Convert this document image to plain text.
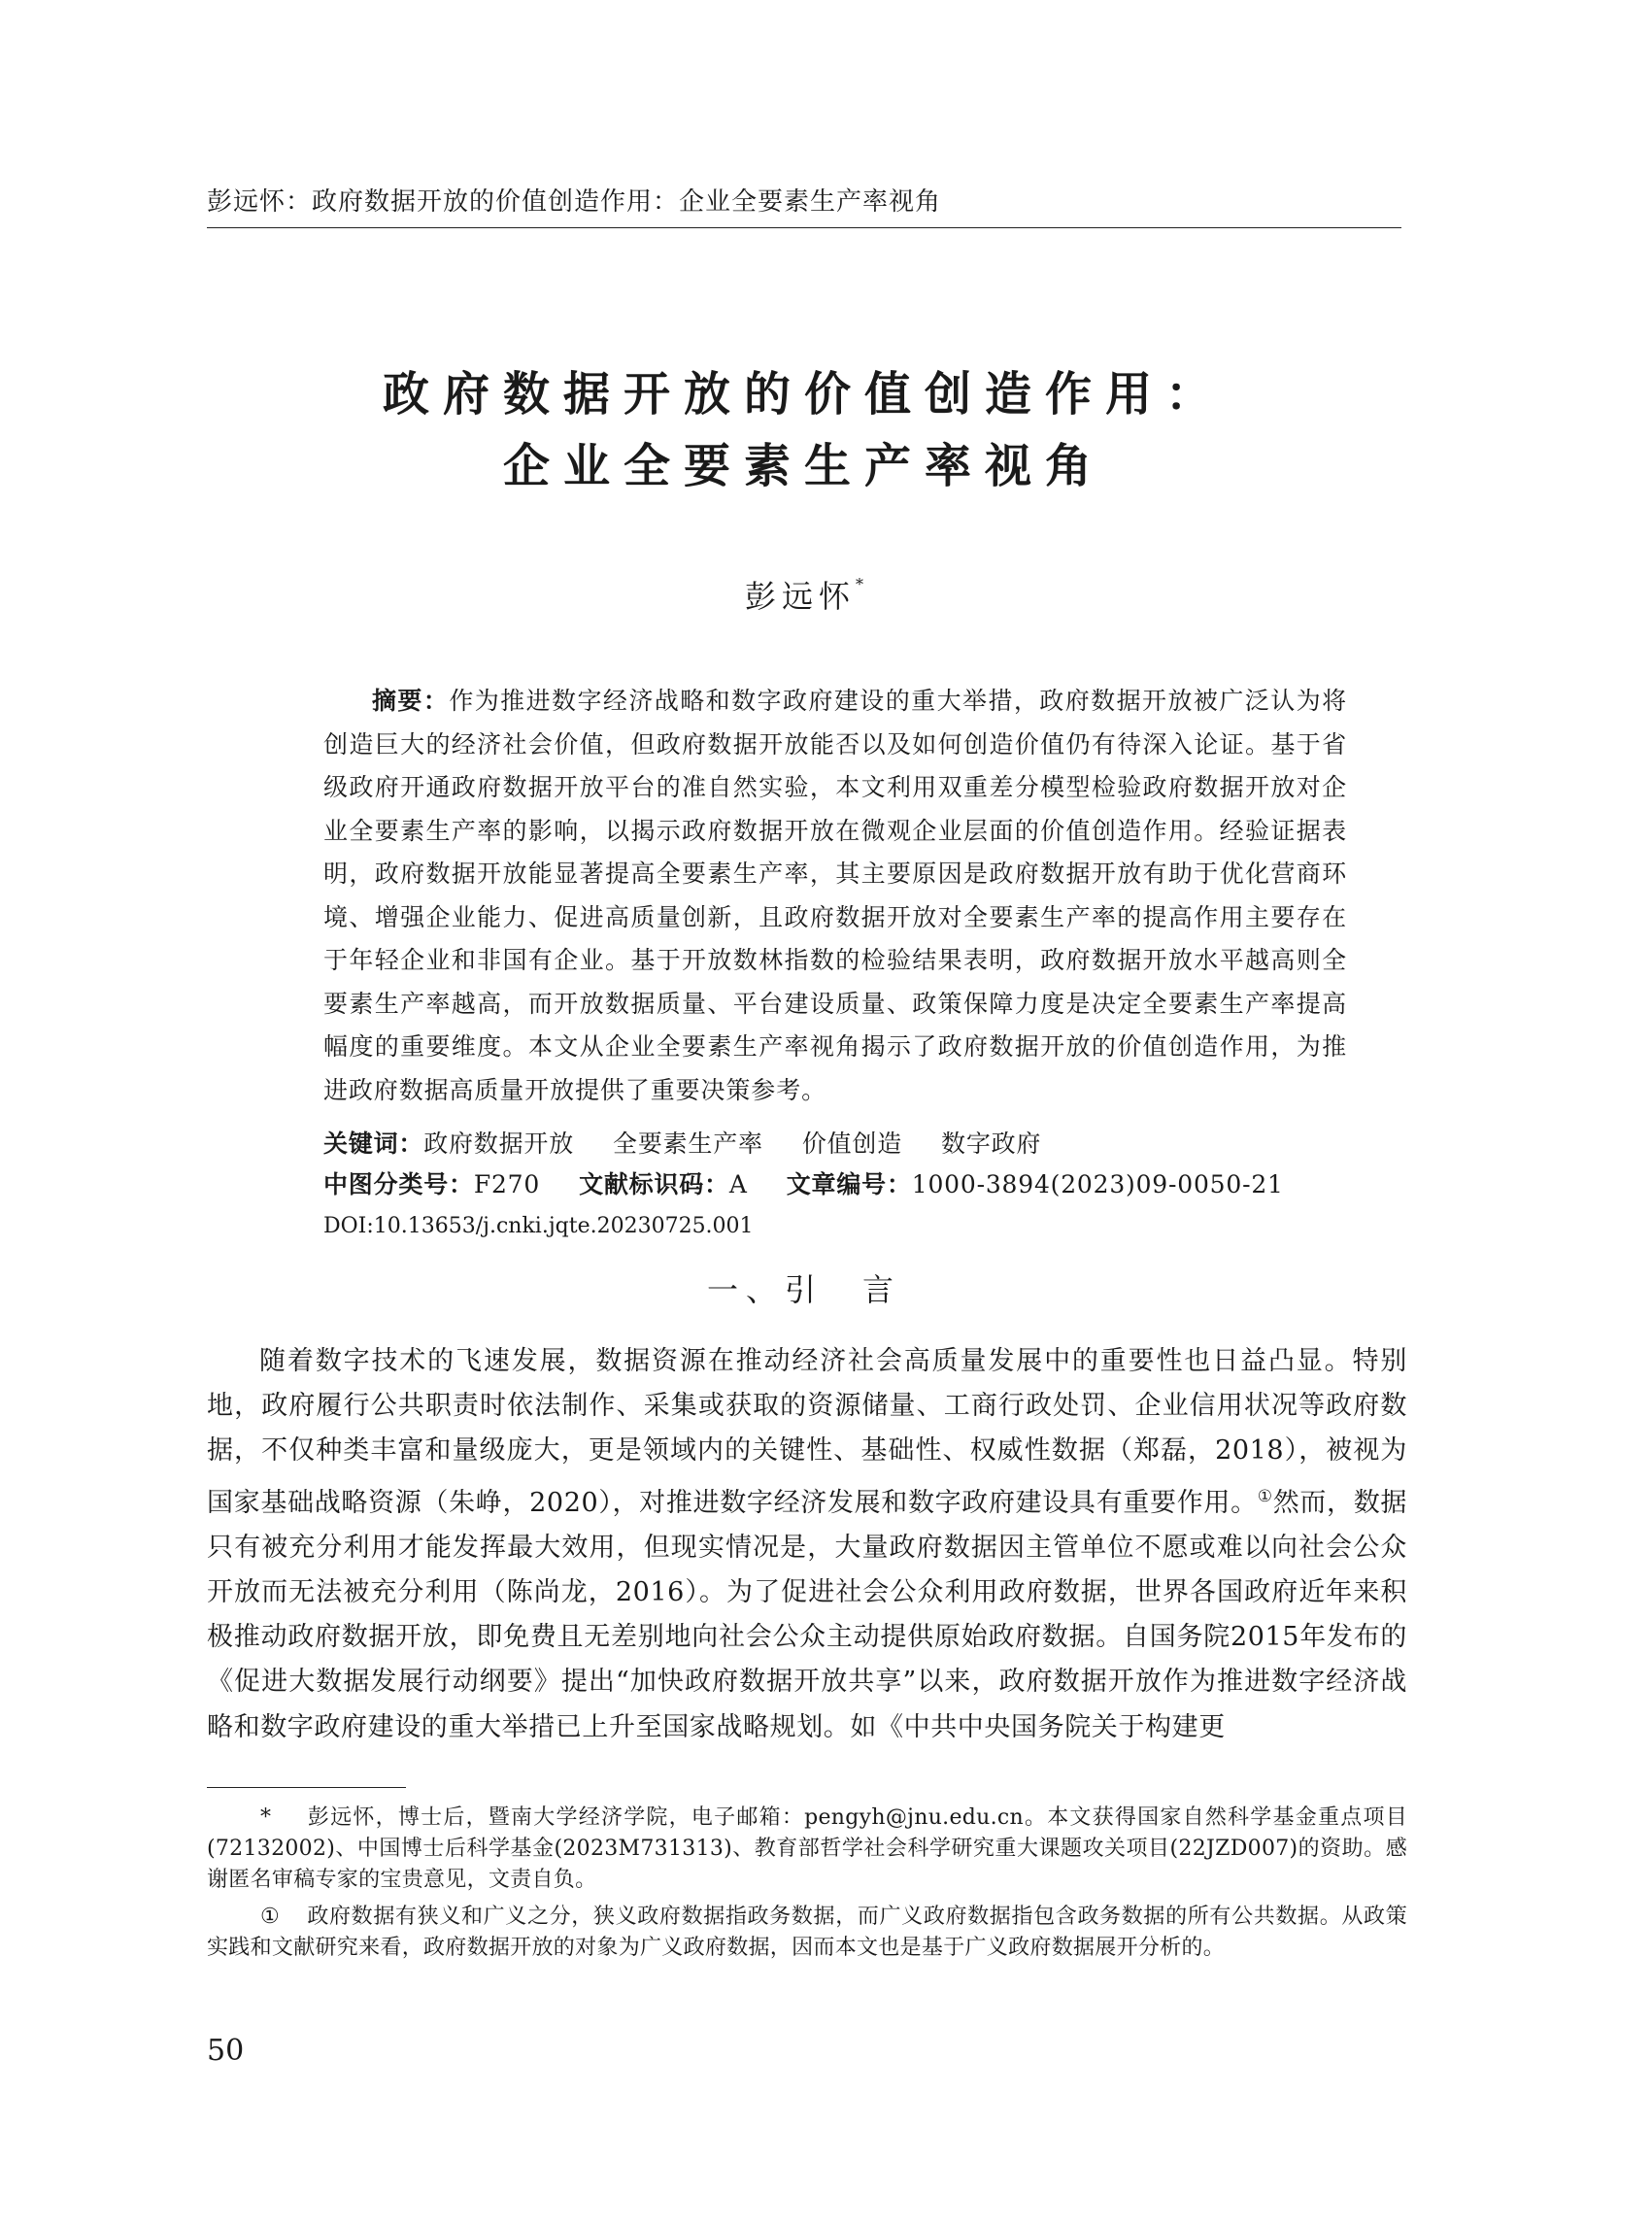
彭远怀：政府数据开放的价值创造作用：企业全要素生产率视角
政府数据开放的价值创造作用：
企业全要素生产率视角
彭远怀*

摘要：作为推进数字经济战略和数字政府建设的重大举措，政府数据开放被广泛认为将创造巨大的经济社会价值，但政府数据开放能否以及如何创造价值仍有待深入论证。基于省级政府开通政府数据开放平台的准自然实验，本文利用双重差分模型检验政府数据开放对企业全要素生产率的影响，以揭示政府数据开放在微观企业层面的价值创造作用。经验证据表明，政府数据开放能显著提高全要素生产率，其主要原因是政府数据开放有助于优化营商环境、增强企业能力、促进高质量创新，且政府数据开放对全要素生产率的提高作用主要存在于年轻企业和非国有企业。基于开放数林指数的检验结果表明，政府数据开放水平越高则全要素生产率越高，而开放数据质量、平台建设质量、政策保障力度是决定全要素生产率提高幅度的重要维度。本文从企业全要素生产率视角揭示了政府数据开放的价值创造作用，为推进政府数据高质量开放提供了重要决策参考。

关键词：政府数据开放 全要素生产率 价值创造 数字政府
中图分类号：F270 文献标识码：A 文章编号：1000-3894(2023)09-0050-21
DOI:10.13653/j.cnki.jqte.20230725.001
一、引　言

随着数字技术的飞速发展，数据资源在推动经济社会高质量发展中的重要性也日益凸显。特别地，政府履行公共职责时依法制作、采集或获取的资源储量、工商行政处罚、企业信用状况等政府数据，不仅种类丰富和量级庞大，更是领域内的关键性、基础性、权威性数据（郑磊，2018），被视为国家基础战略资源（朱峥，2020），对推进数字经济发展和数字政府建设具有重要作用。①然而，数据只有被充分利用才能发挥最大效用，但现实情况是，大量政府数据因主管单位不愿或难以向社会公众开放而无法被充分利用（陈尚龙，2016）。为了促进社会公众利用政府数据，世界各国政府近年来积极推动政府数据开放，即免费且无差别地向社会公众主动提供原始政府数据。自国务院2015年发布的《促进大数据发展行动纲要》提出“加快政府数据开放共享”以来，政府数据开放作为推进数字经济战略和数字政府建设的重大举措已上升至国家战略规划。如《中共中央国务院关于构建更

* 彭远怀，博士后，暨南大学经济学院，电子邮箱：pengyh@jnu.edu.cn。本文获得国家自然科学基金重点项目(72132002)、中国博士后科学基金(2023M731313)、教育部哲学社会科学研究重大课题攻关项目(22JZD007)的资助。感谢匿名审稿专家的宝贵意见，文责自负。

① 政府数据有狭义和广义之分，狭义政府数据指政务数据，而广义政府数据指包含政务数据的所有公共数据。从政策实践和文献研究来看，政府数据开放的对象为广义政府数据，因而本文也是基于广义政府数据展开分析的。

50
